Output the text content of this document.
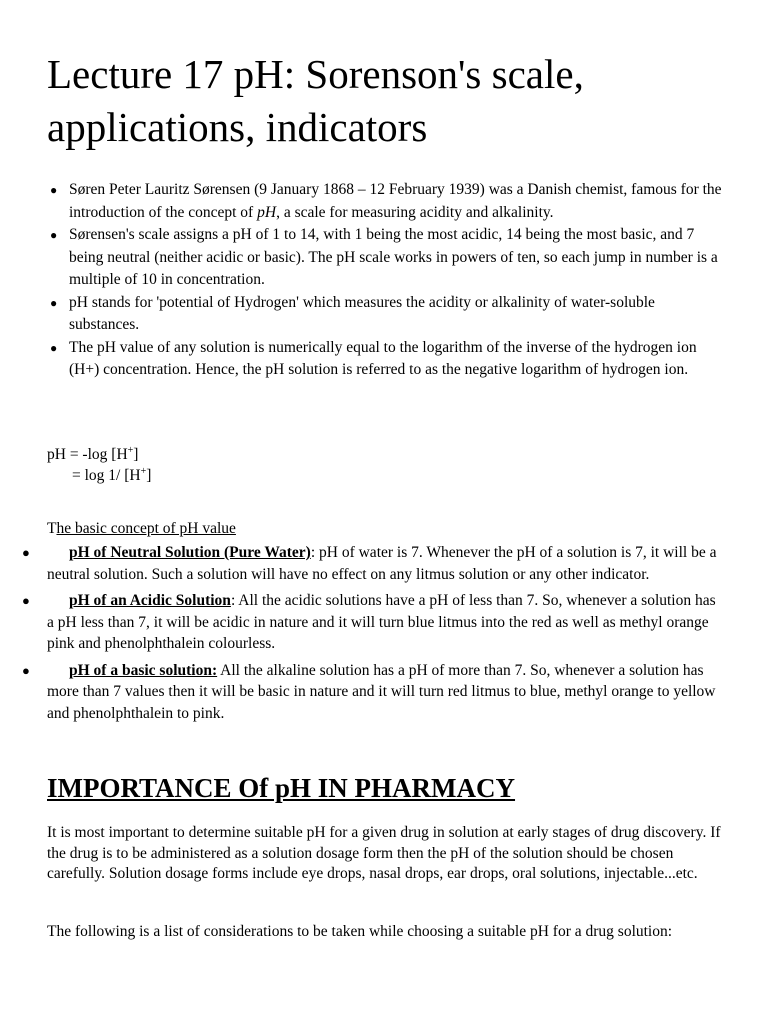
Lecture 17 pH: Sorenson's scale, applications, indicators
● Søren Peter Lauritz Sørensen (9 January 1868 – 12 February 1939) was a Danish chemist, famous for the introduction of the concept of pH, a scale for measuring acidity and alkalinity.
● Sørensen's scale assigns a pH of 1 to 14, with 1 being the most acidic, 14 being the most basic, and 7 being neutral (neither acidic or basic). The pH scale works in powers of ten, so each jump in number is a multiple of 10 in concentration.
● pH stands for 'potential of Hydrogen' which measures the acidity or alkalinity of water-soluble substances.
● The pH value of any solution is numerically equal to the logarithm of the inverse of the hydrogen ion (H+) concentration. Hence, the pH solution is referred to as the negative logarithm of hydrogen ion.
pH = -log [H+]
= log 1/ [H+]
The basic concept of pH value
●	pH of Neutral Solution (Pure Water): pH of water is 7. Whenever the pH of a solution is 7, it will be a neutral solution. Such a solution will have no effect on any litmus solution or any other indicator.
●	pH of an Acidic Solution: All the acidic solutions have a pH of less than 7. So, whenever a solution has a pH less than 7, it will be acidic in nature and it will turn blue litmus into the red as well as methyl orange pink and phenolphthalein colourless.
●	pH of a basic solution: All the alkaline solution has a pH of more than 7. So, whenever a solution has more than 7 values then it will be basic in nature and it will turn red litmus to blue, methyl orange to yellow and phenolphthalein to pink.
IMPORTANCE Of pH IN PHARMACY

It is most important to determine suitable pH for a given drug in solution at early stages of drug discovery. If the drug is to be administered as a solution dosage form then the pH of the solution should be chosen carefully. Solution dosage forms include eye drops, nasal drops, ear drops, oral solutions, injectable...etc.

The following is a list of considerations to be taken while choosing a suitable pH for a drug solution:
